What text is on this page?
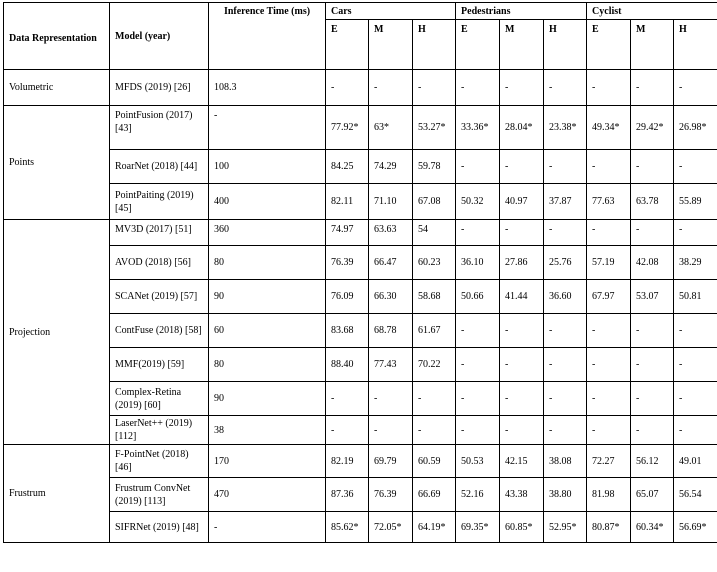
Data Representation	Model (year)	Inference Time (ms)	Cars			Pedestrians			Cyclist		
			E	M	H	E	M	H	E	M	H
Volumetric	MFDS (2019) [26]	108.3	-	-	-	-	-	-	-	-	-
Points	PointFusion (2017) [43]	-	77.92*	63*	53.27*	33.36*	28.04*	23.38*	49.34*	29.42*	26.98*
	RoarNet (2018) [44]	100	84.25	74.29	59.78	-	-	-	-	-	-
	PointPaiting (2019) [45]	400	82.11	71.10	67.08	50.32	40.97	37.87	77.63	63.78	55.89
Projection	MV3D (2017) [51]	360	74.97	63.63	54	-	-	-	-	-	-
	AVOD (2018) [56]	80	76.39	66.47	60.23	36.10	27.86	25.76	57.19	42.08	38.29
	SCANet (2019) [57]	90	76.09	66.30	58.68	50.66	41.44	36.60	67.97	53.07	50.81
	ContFuse (2018) [58]	60	83.68	68.78	61.67	-	-	-	-	-	-
	MMF(2019) [59]	80	88.40	77.43	70.22	-	-	-	-	-	-
	Complex-Retina (2019) [60]	90	-	-	-	-	-	-	-	-	-
	LaserNet++ (2019) [112]	38	-	-	-	-	-	-	-	-	-
Frustrum	F-PointNet (2018) [46]	170	82.19	69.79	60.59	50.53	42.15	38.08	72.27	56.12	49.01
	Frustrum ConvNet (2019) [113]	470	87.36	76.39	66.69	52.16	43.38	38.80	81.98	65.07	56.54
	SIFRNet (2019) [48]	-	85.62*	72.05*	64.19*	69.35*	60.85*	52.95*	80.87*	60.34*	56.69*
